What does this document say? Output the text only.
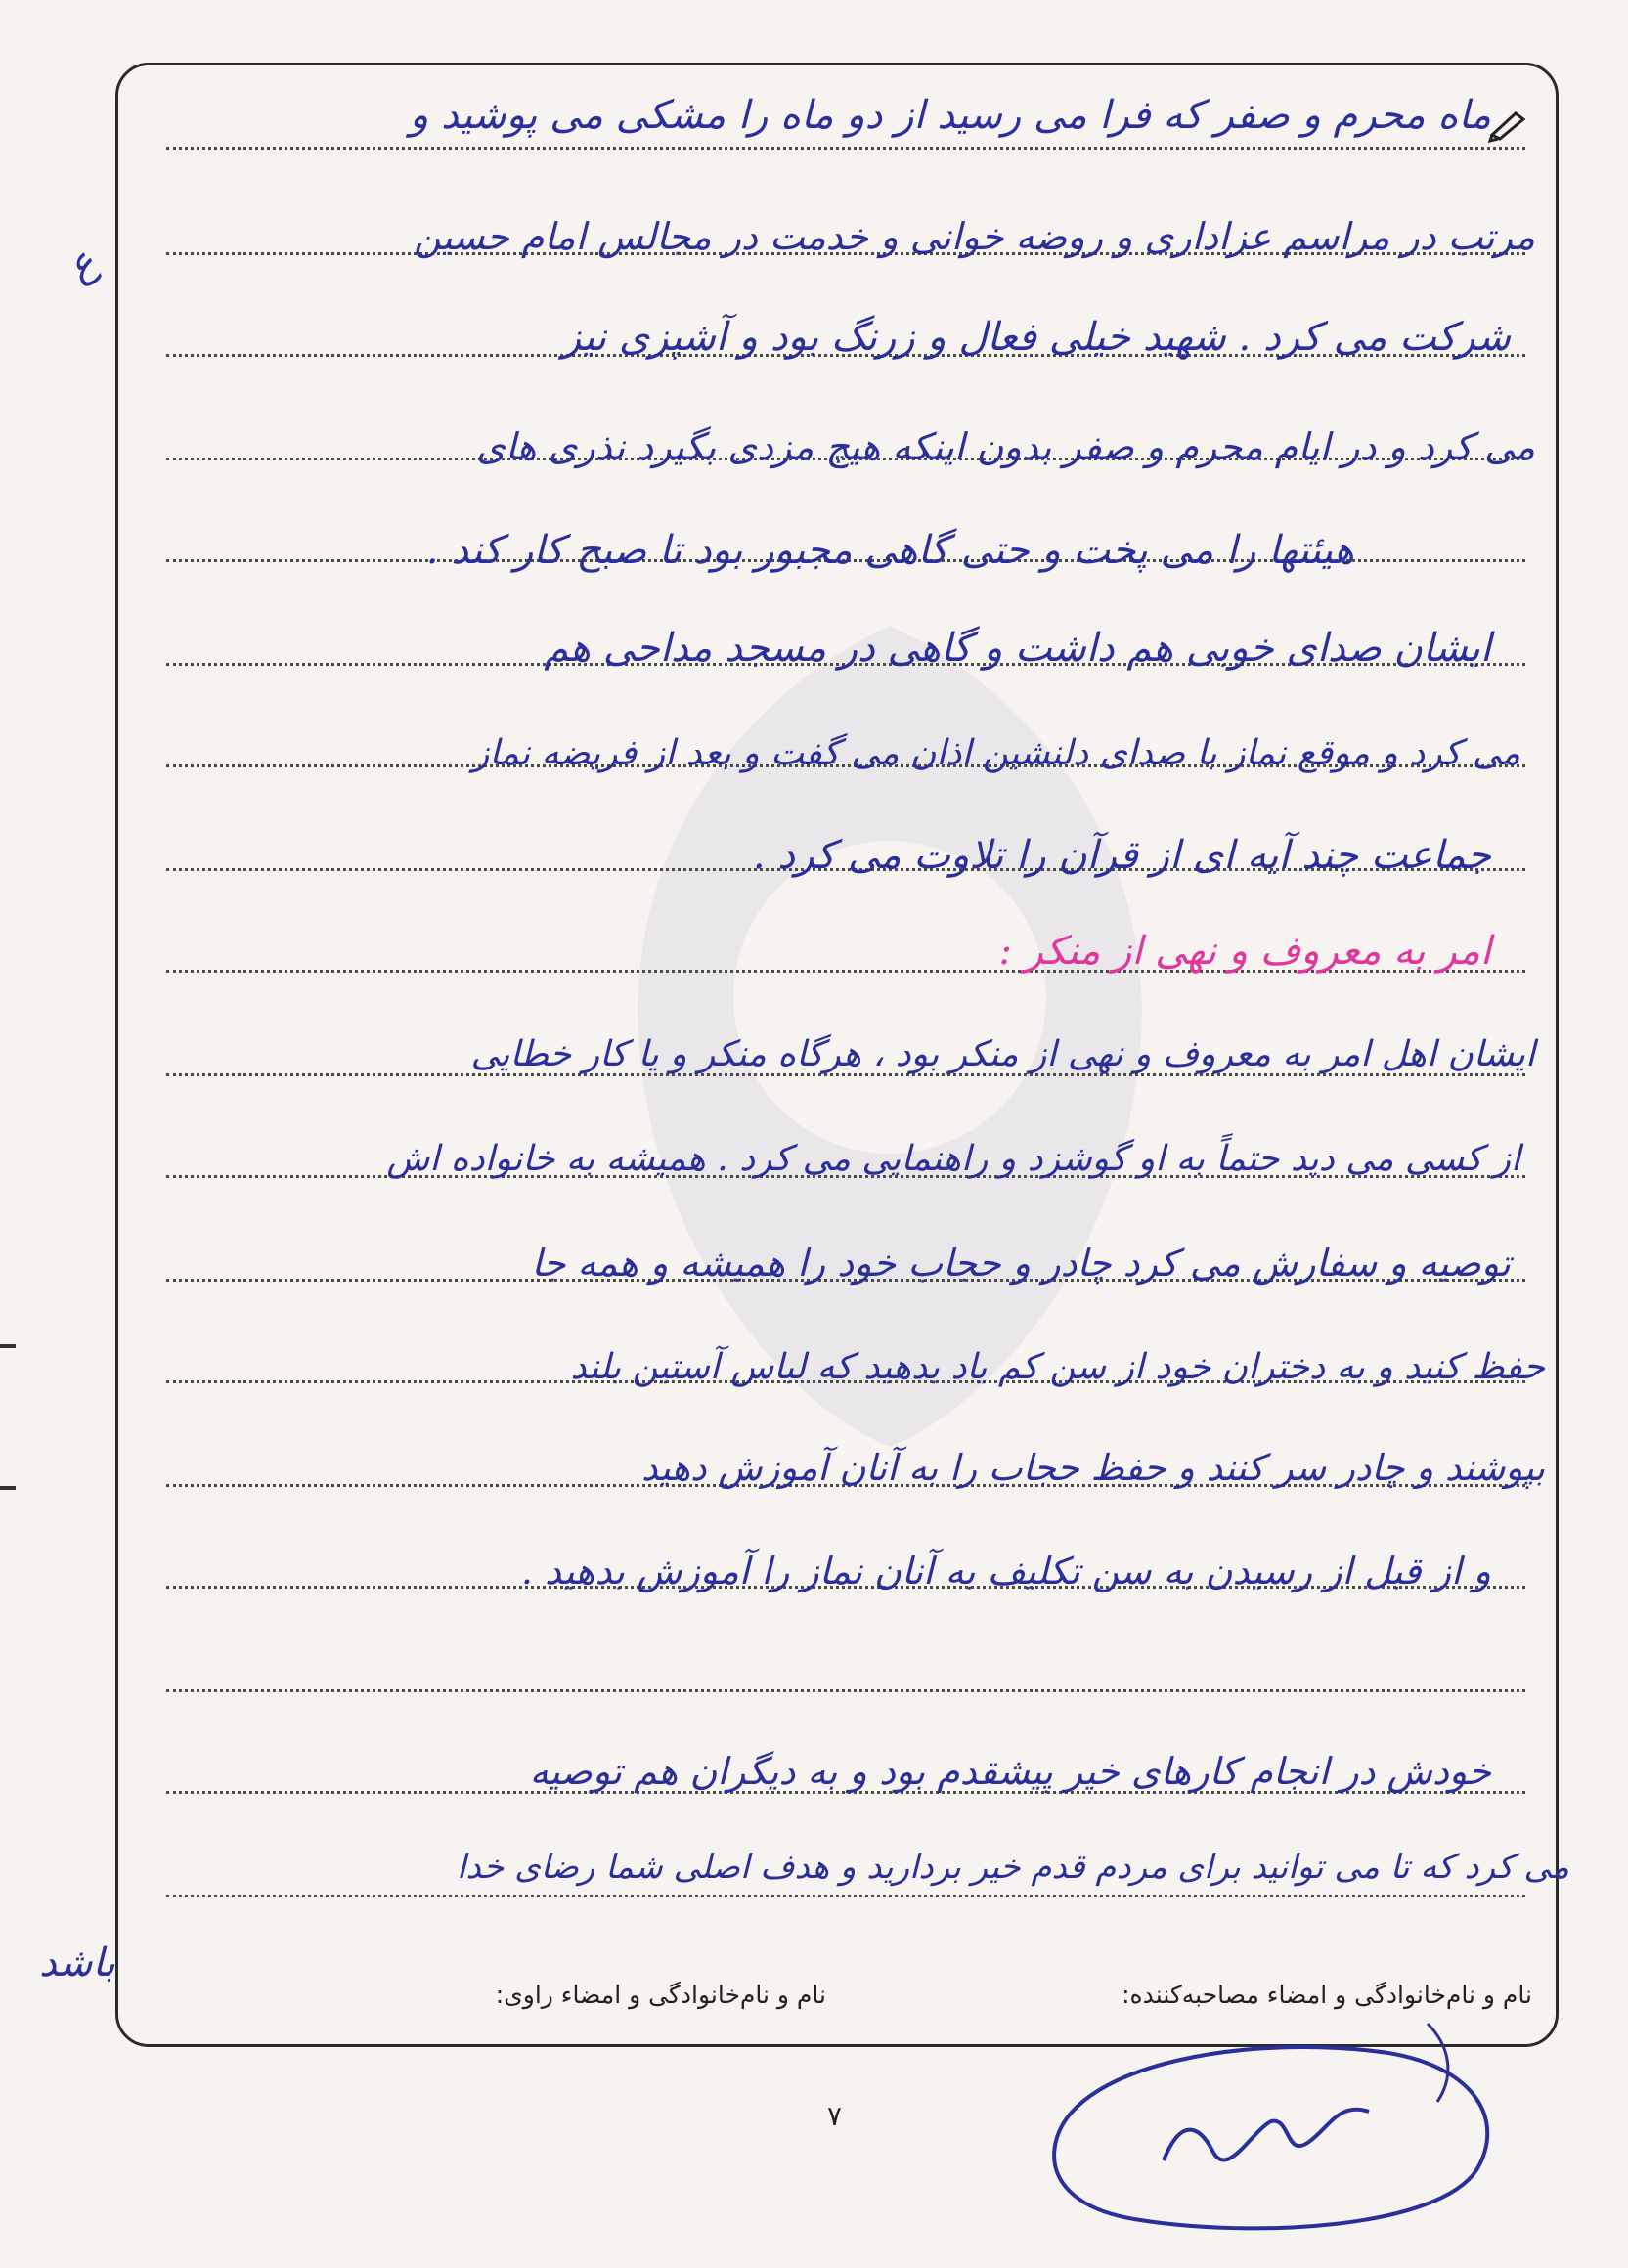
ماه محرم و صفر که فرا می رسید از دو ماه را مشکی می پوشید و
مرتب در مراسم عزاداری و روضه خوانی و خدمت در مجالس امام حسین
شرکت می کرد . شهید خیلی فعال و زرنگ بود و آشپزی نیز
می کرد و در ایام محرم و صفر بدون اینکه هیچ مزدی بگیرد نذری های
هیئتها را می پخت و حتی گاهی مجبور بود تا صبح کار کند .
ایشان صدای خوبی هم داشت و گاهی در مسجد مداحی هم
می کرد و موقع نماز با صدای دلنشین اذان می گفت و بعد از فریضه نماز
جماعت چند آیه ای از قرآن را تلاوت می کرد .
امر به معروف و نهی از منکر :
ایشان اهل امر به معروف و نهی از منکر بود ، هرگاه منکر و یا کار خطایی
از کسی می دید حتماً به او گوشزد و راهنمایی می کرد . همیشه به خانواده اش
توصیه و سفارش می کرد چادر و حجاب خود را همیشه و همه جا
حفظ کنید و به دختران خود از سن کم یاد بدهید که لباس آستین بلند
بپوشند و چادر سر کنند و حفظ حجاب را به آنان آموزش دهید
و از قبل از رسیدن به سن تکلیف به آنان نماز را آموزش بدهید .
خودش در انجام کارهای خیر پیشقدم بود و به دیگران هم توصیه
می کرد که تا می توانید برای مردم قدم خیر بردارید و هدف اصلی شما رضای خدا
ع
باشد
نام و نام‌خانوادگی و امضاء مصاحبه‌کننده:
نام و نام‌خانوادگی و امضاء راوی:
۷
